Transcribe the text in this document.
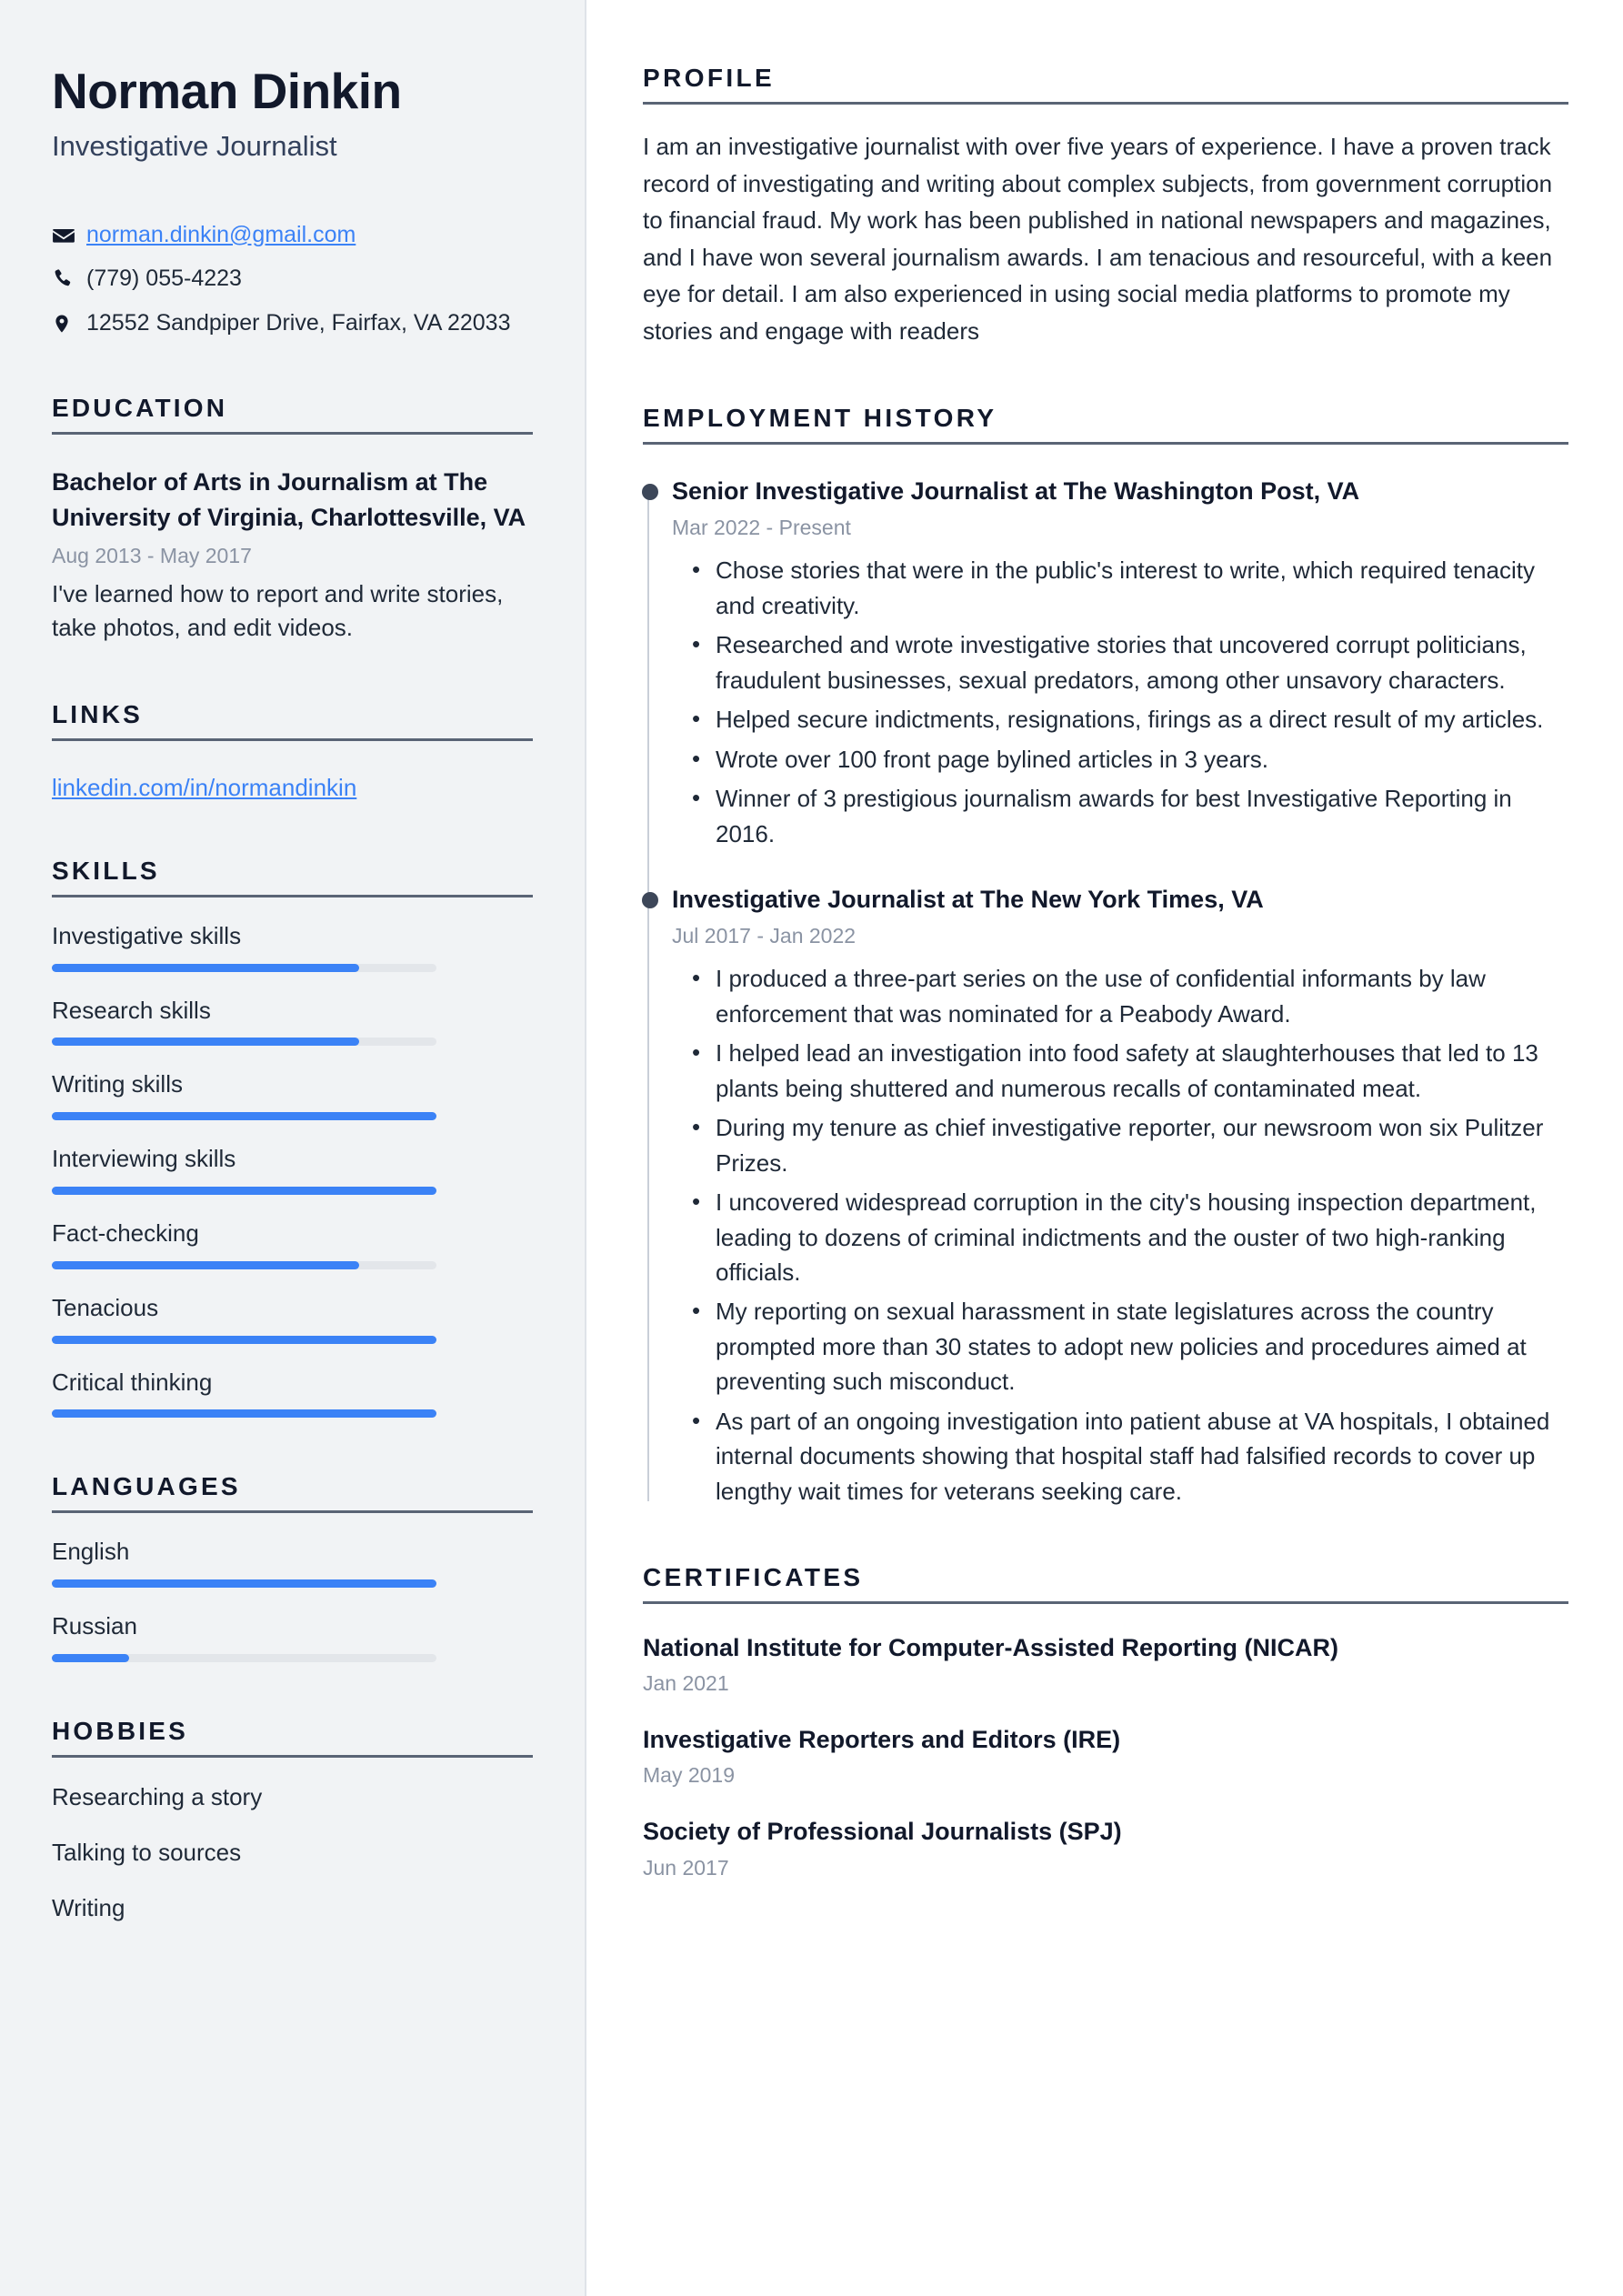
Norman Dinkin
Investigative Journalist
norman.dinkin@gmail.com
(779) 055-4223
12552 Sandpiper Drive, Fairfax, VA 22033
EDUCATION
Bachelor of Arts in Journalism at The University of Virginia, Charlottesville, VA
Aug 2013 - May 2017
I've learned how to report and write stories, take photos, and edit videos.
LINKS
linkedin.com/in/normandinkin
SKILLS
Investigative skills
Research skills
Writing skills
Interviewing skills
Fact-checking
Tenacious
Critical thinking
LANGUAGES
English
Russian
HOBBIES
Researching a story
Talking to sources
Writing
PROFILE

I am an investigative journalist with over five years of experience. I have a proven track record of investigating and writing about complex subjects, from government corruption to financial fraud. My work has been published in national newspapers and magazines, and I have won several journalism awards. I am tenacious and resourceful, with a keen eye for detail. I am also experienced in using social media platforms to promote my stories and engage with readers

EMPLOYMENT HISTORY
Senior Investigative Journalist at The Washington Post, VA
Mar 2022 - Present
• Chose stories that were in the public's interest to write, which required tenacity and creativity.
• Researched and wrote investigative stories that uncovered corrupt politicians, fraudulent businesses, sexual predators, among other unsavory characters.
• Helped secure indictments, resignations, firings as a direct result of my articles.
• Wrote over 100 front page bylined articles in 3 years.
• Winner of 3 prestigious journalism awards for best Investigative Reporting in 2016.
Investigative Journalist at The New York Times, VA
Jul 2017 - Jan 2022
• I produced a three-part series on the use of confidential informants by law enforcement that was nominated for a Peabody Award.
• I helped lead an investigation into food safety at slaughterhouses that led to 13 plants being shuttered and numerous recalls of contaminated meat.
• During my tenure as chief investigative reporter, our newsroom won six Pulitzer Prizes.
• I uncovered widespread corruption in the city's housing inspection department, leading to dozens of criminal indictments and the ouster of two high-ranking officials.
• My reporting on sexual harassment in state legislatures across the country prompted more than 30 states to adopt new policies and procedures aimed at preventing such misconduct.
• As part of an ongoing investigation into patient abuse at VA hospitals, I obtained internal documents showing that hospital staff had falsified records to cover up lengthy wait times for veterans seeking care.
CERTIFICATES
National Institute for Computer-Assisted Reporting (NICAR)
Jan 2021
Investigative Reporters and Editors (IRE)
May 2019
Society of Professional Journalists (SPJ)
Jun 2017
